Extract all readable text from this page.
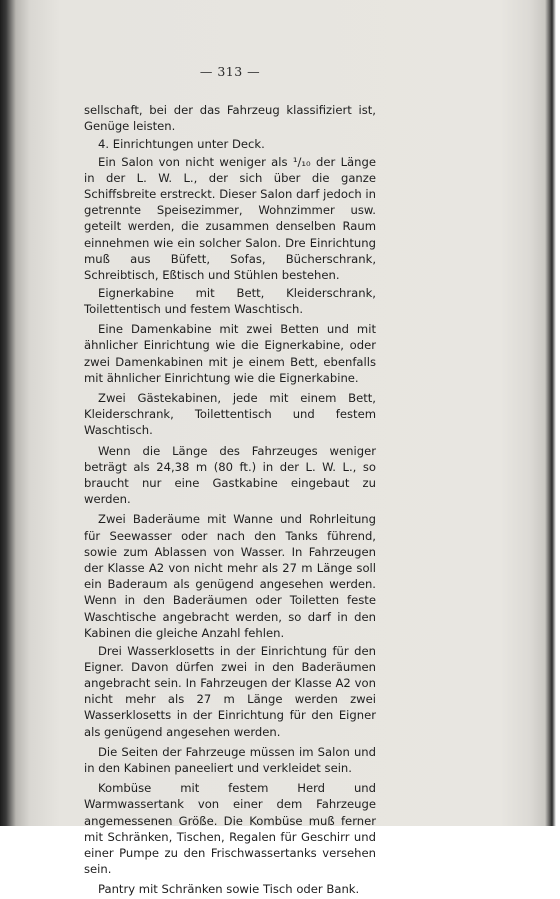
— 313 —

sellschaft, bei der das Fahrzeug klassifiziert ist, Genüge leisten.

4. Einrichtungen unter Deck.

Ein Salon von nicht weniger als ¹/₁₀ der Länge in der L. W. L., der sich über die ganze Schiffsbreite erstreckt. Dieser Salon darf jedoch in getrennte Speisezimmer, Wohnzimmer usw. geteilt werden, die zusammen denselben Raum einnehmen wie ein solcher Salon. Dre Einrichtung muß aus Büfett, Sofas, Bücherschrank, Schreibtisch, Eßtisch und Stühlen bestehen.

Eignerkabine mit Bett, Kleiderschrank, Toilettentisch und festem Waschtisch.

Eine Damenkabine mit zwei Betten und mit ähnlicher Einrichtung wie die Eignerkabine, oder zwei Damenkabinen mit je einem Bett, ebenfalls mit ähnlicher Einrichtung wie die Eignerkabine.

Zwei Gästekabinen, jede mit einem Bett, Kleiderschrank, Toilettentisch und festem Waschtisch.

Wenn die Länge des Fahrzeuges weniger beträgt als 24,38 m (80 ft.) in der L. W. L., so braucht nur eine Gastkabine eingebaut zu werden.

Zwei Baderäume mit Wanne und Rohrleitung für Seewasser oder nach den Tanks führend, sowie zum Ablassen von Wasser. In Fahrzeugen der Klasse A2 von nicht mehr als 27 m Länge soll ein Baderaum als genügend angesehen werden. Wenn in den Baderäumen oder Toiletten feste Waschtische angebracht werden, so darf in den Kabinen die gleiche Anzahl fehlen.

Drei Wasserklosetts in der Einrichtung für den Eigner. Davon dürfen zwei in den Baderäumen angebracht sein. In Fahrzeugen der Klasse A2 von nicht mehr als 27 m Länge werden zwei Wasserklosetts in der Einrichtung für den Eigner als genügend angesehen werden.

Die Seiten der Fahrzeuge müssen im Salon und in den Kabinen paneeliert und verkleidet sein.

Kombüse mit festem Herd und Warmwassertank von einer dem Fahrzeuge angemessenen Größe. Die Kombüse muß ferner mit Schränken, Tischen, Regalen für Geschirr und einer Pumpe zu den Frischwassertanks versehen sein.

Pantry mit Schränken sowie Tisch oder Bank.
